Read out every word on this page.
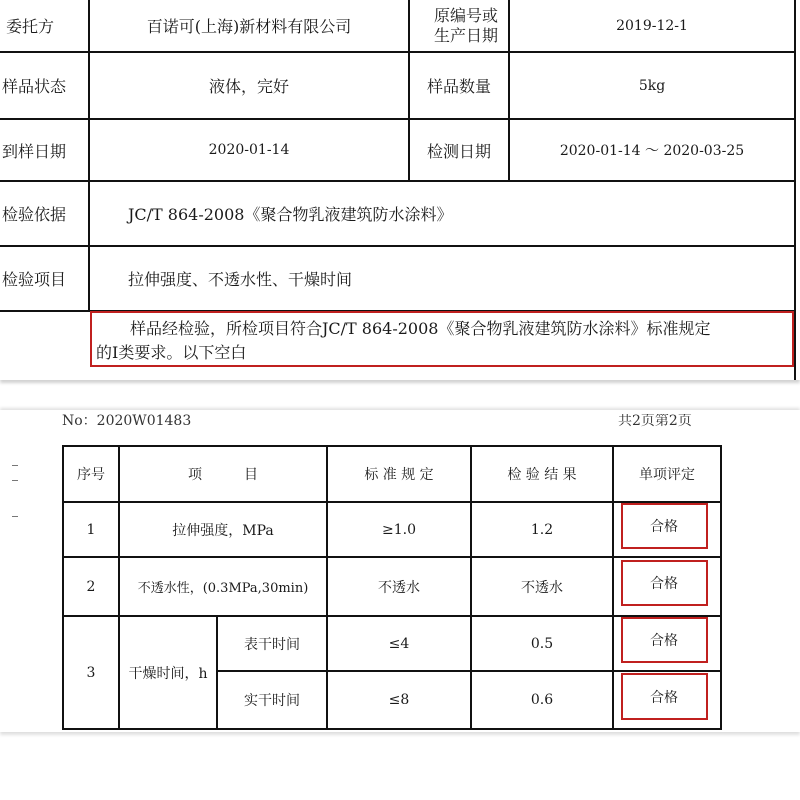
委托方	百诺可(上海)新材料有限公司
原编号或
生产日期	2019-12-1
样品状态	液体，完好	样品数量	5kg
到样日期	2020-01-14	检测日期	2020-01-14 ～ 2020-03-25
检验依据	JC/T 864-2008《聚合物乳液建筑防水涂料》
检验项目	拉伸强度、不透水性、干燥时间
样品经检验，所检项目符合JC/T 864-2008《聚合物乳液建筑防水涂料》标准规定
的I类要求。以下空白
No：2020W01483	共2页第2页
序号	项　　　目	标 准 规 定	检 验 结 果	单项评定
1	拉伸强度，MPa	≥1.0	1.2	合格
2	不透水性，(0.3MPa,30min)	不透水	不透水	合格
3	干燥时间，h
表干时间	≤4	0.5	合格
实干时间	≤8	0.6	合格
